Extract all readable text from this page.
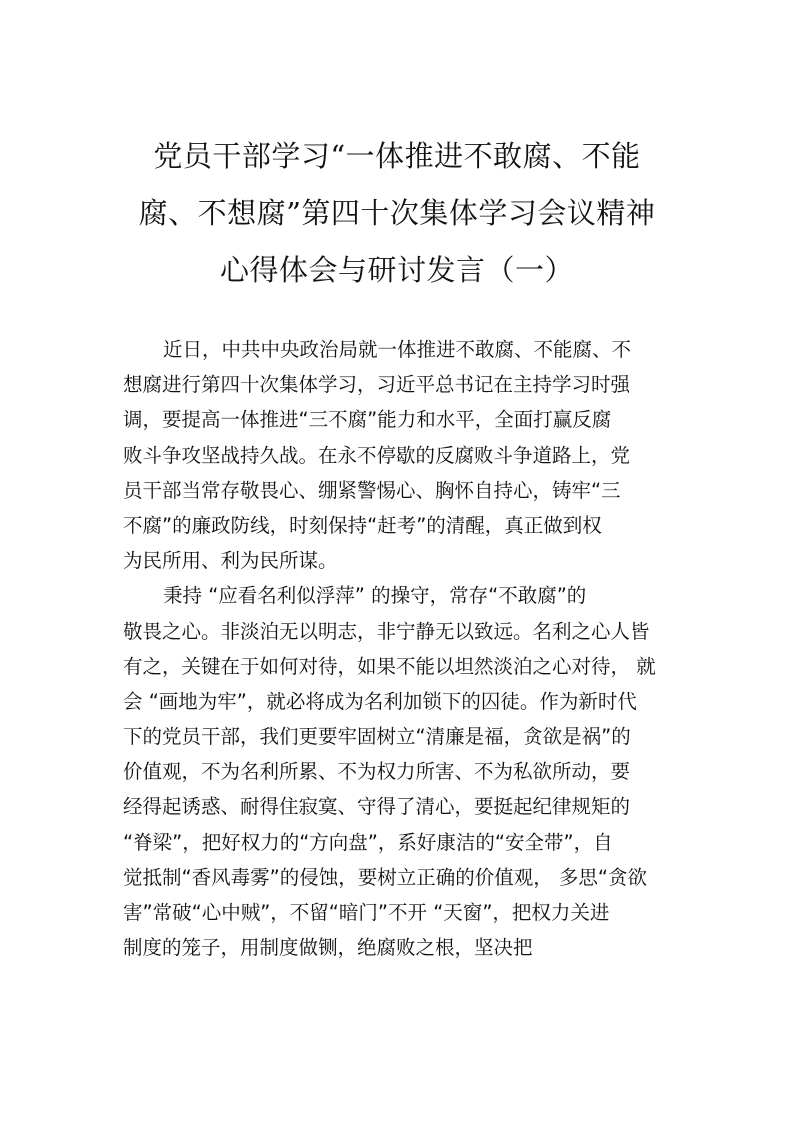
党员干部学习“一体推进不敢腐、不能
腐、不想腐”第四十次集体学习会议精神
心得体会与研讨发言（一）
近日，中共中央政治局就一体推进不敢腐、不能腐、不
想腐进行第四十次集体学习，习近平总书记在主持学习时强
调，要提高一体推进“三不腐”能力和水平，全面打赢反腐
败斗争攻坚战持久战。在永不停歇的反腐败斗争道路上，党
员干部当常存敬畏心、绷紧警惕心、胸怀自持心，铸牢“三
不腐”的廉政防线，时刻保持“赶考”的清醒，真正做到权
为民所用、利为民所谋。
秉持 “应看名利似浮萍” 的操守，常存“不敢腐”的
敬畏之心。非淡泊无以明志，非宁静无以致远。名利之心人皆
有之，关键在于如何对待，如果不能以坦然淡泊之心对待， 就
会 “画地为牢”，就必将成为名利加锁下的囚徒。作为新时代
下的党员干部，我们更要牢固树立“清廉是福，贪欲是祸”的
价值观，不为名利所累、不为权力所害、不为私欲所动，要
经得起诱惑、耐得住寂寞、守得了清心，要挺起纪律规矩的
“脊梁”，把好权力的“方向盘”，系好康洁的“安全带”，自
觉抵制“香风毒雾”的侵蚀，要树立正确的价值观， 多思“贪欲
害”常破“心中贼”，不留“暗门”不开 “天窗”，把权力关进
制度的笼子，用制度做铡，绝腐败之根，坚决把
